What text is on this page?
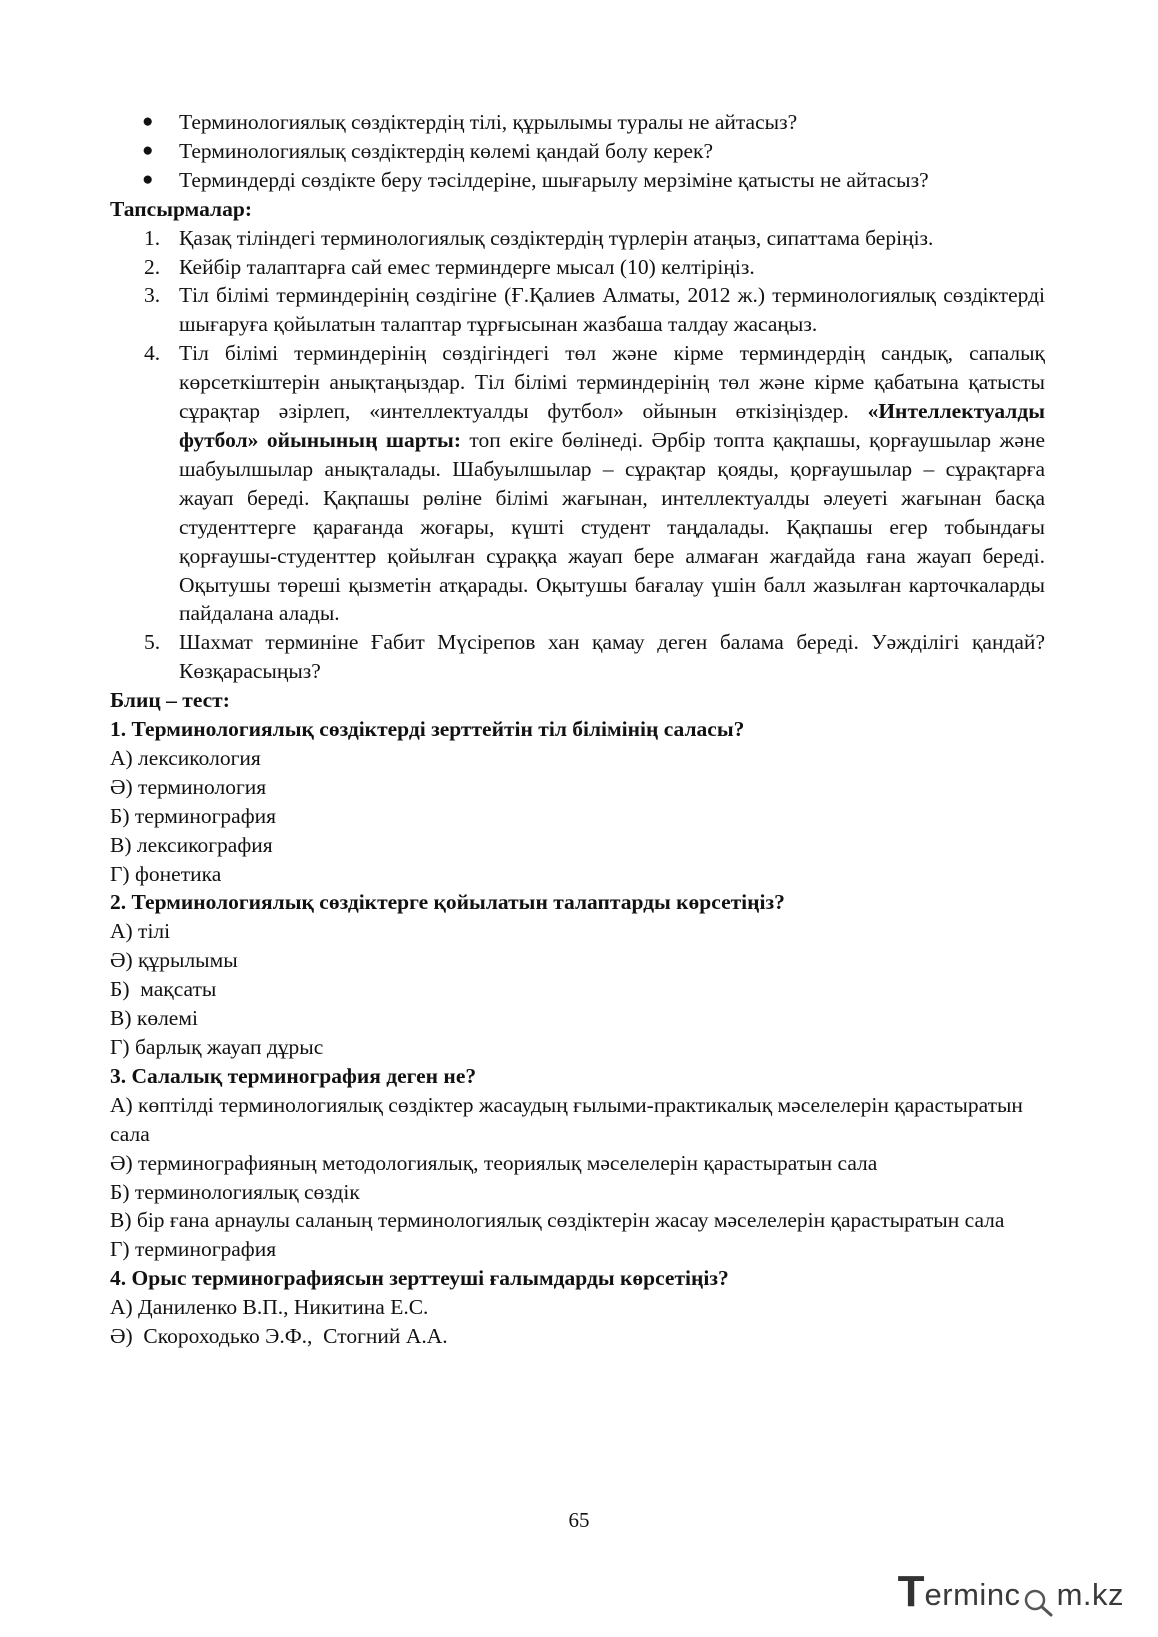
● Терминологиялық сөздіктердің тілі, құрылымы туралы не айтасыз?
● Терминологиялық сөздіктердің көлемі қандай болу керек?
● Терминдерді сөздікте беру тәсілдеріне, шығарылу мерзіміне қатысты не айтасыз?

Тапсырмалар:

1. Қазақ тіліндегі терминологиялық сөздіктердің түрлерін атаңыз, сипаттама беріңіз.
2. Кейбір талаптарға сай емес терминдерге мысал (10) келтіріңіз.
3. Тіл білімі терминдерінің сөздігіне (Ғ.Қалиев Алматы, 2012 ж.) терминологиялық сөздіктерді шығаруға қойылатын талаптар тұрғысынан жазбаша талдау жасаңыз.
4. Тіл білімі терминдерінің сөздігіндегі төл және кірме терминдердің сандық, сапалық көрсеткіштерін анықтаңыздар. Тіл білімі терминдерінің төл және кірме қабатына қатысты сұрақтар әзірлеп, «интеллектуалды футбол» ойынын өткізіңіздер. «Интеллектуалды футбол» ойынының шарты: топ екіге бөлінеді. Әрбір топта қақпашы, қорғаушылар және шабуылшылар анықталады. Шабуылшылар – сұрақтар қояды, қорғаушылар – сұрақтарға жауап береді. Қақпашы рөліне білімі жағынан, интеллектуалды әлеуеті жағынан басқа студенттерге қарағанда жоғары, күшті студент таңдалады. Қақпашы егер тобындағы қорғаушы-студенттер қойылған сұраққа жауап бере алмаған жағдайда ғана жауап береді. Оқытушы төреші қызметін атқарады. Оқытушы бағалау үшін балл жазылған карточкаларды пайдалана алады.
5. Шахмат терминіне Ғабит Мүсірепов хан қамау деген балама береді. Уәжділігі қандай? Көзқарасыңыз?

Блиц – тест:

1. Терминологиялық сөздіктерді зерттейтін тіл білімінің саласы?

А) лексикология

Ә) терминология

Б) терминография

В) лексикография

Г) фонетика

2. Терминологиялық сөздіктерге қойылатын талаптарды көрсетіңіз?

А) тілі

Ә) құрылымы

Б)  мақсаты

В) көлемі

Г) барлық жауап дұрыс

3. Салалық терминография деген не?

А) көптілді терминологиялық сөздіктер жасаудың ғылыми-практикалық мәселелерін қарастыратын сала

Ә) терминографияның методологиялық, теориялық мәселелерін қарастыратын сала

Б) терминологиялық сөздік

В) бір ғана арнаулы саланың терминологиялық сөздіктерін жасау мәселелерін қарастыратын сала

Г) терминография

4. Орыс терминографиясын зерттеуші ғалымдарды көрсетіңіз?

А) Даниленко В.П., Никитина Е.С.

Ә)  Скороходько Э.Ф.,  Стогний А.А.

65
T erminc m.kz
